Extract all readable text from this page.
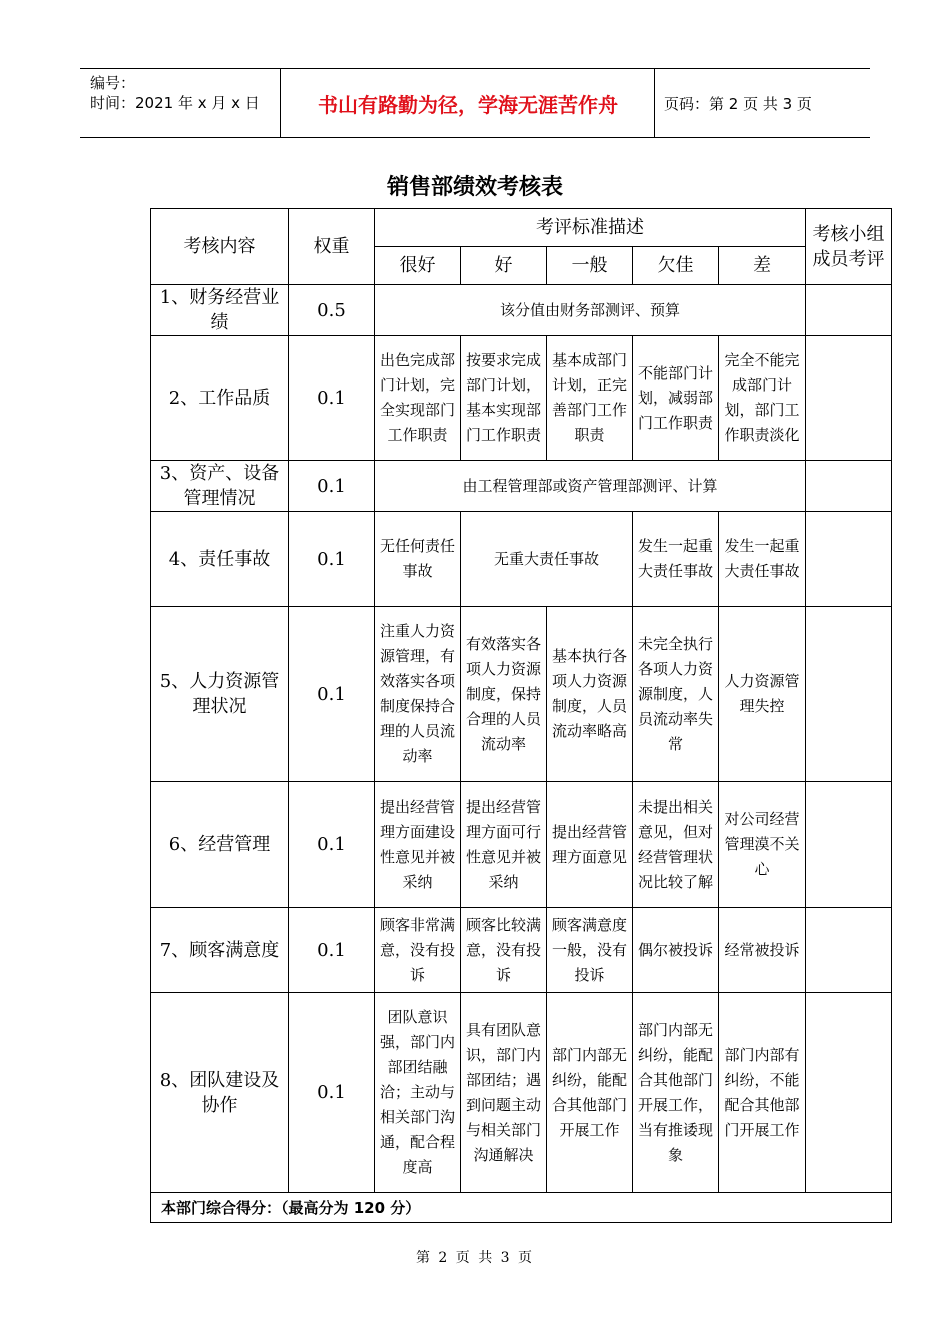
编号：
时间：2021 年 x 月 x 日	书山有路勤为径，学海无涯苦作舟	页码：第 2 页 共 3 页
销售部绩效考核表
考核内容	权重	考评标准描述					考核小组成员考评
		很好	好	一般	欠佳	差	
1、财务经营业绩	0.5	该分值由财务部测评、预算					
2、工作品质	0.1	出色完成部门计划，完全实现部门工作职责	按要求完成部门计划，基本实现部门工作职责	基本成部门计划，正完善部门工作职责	不能部门计划，减弱部门工作职责	完全不能完成部门计划，部门工作职责淡化	
3、资产、设备管理情况	0.1	由工程管理部或资产管理部测评、计算					
4、责任事故	0.1	无任何责任事故	无重大责任事故		发生一起重大责任事故	发生一起重大责任事故	
5、人力资源管理状况	0.1	注重人力资源管理，有效落实各项制度保持合理的人员流动率	有效落实各项人力资源制度，保持合理的人员流动率	基本执行各项人力资源制度，人员流动率略高	未完全执行各项人力资源制度，人员流动率失常	人力资源管理失控	
6、经营管理	0.1	提出经营管理方面建设性意见并被采纳	提出经营管理方面可行性意见并被采纳	提出经营管理方面意见	未提出相关意见，但对经营管理状况比较了解	对公司经营管理漠不关心	
7、顾客满意度	0.1	顾客非常满意，没有投诉	顾客比较满意，没有投诉	顾客满意度一般，没有投诉	偶尔被投诉	经常被投诉	
8、团队建设及协作	0.1	团队意识强，部门内部团结融洽；主动与相关部门沟通，配合程度高	具有团队意识，部门内部团结；遇到问题主动与相关部门沟通解决	部门内部无纠纷，能配合其他部门开展工作	部门内部无纠纷，能配合其他部门开展工作，当有推诿现象	部门内部有纠纷，不能配合其他部门开展工作	
本部门综合得分：（最高分为 120 分）							
第 2 页 共 3 页
